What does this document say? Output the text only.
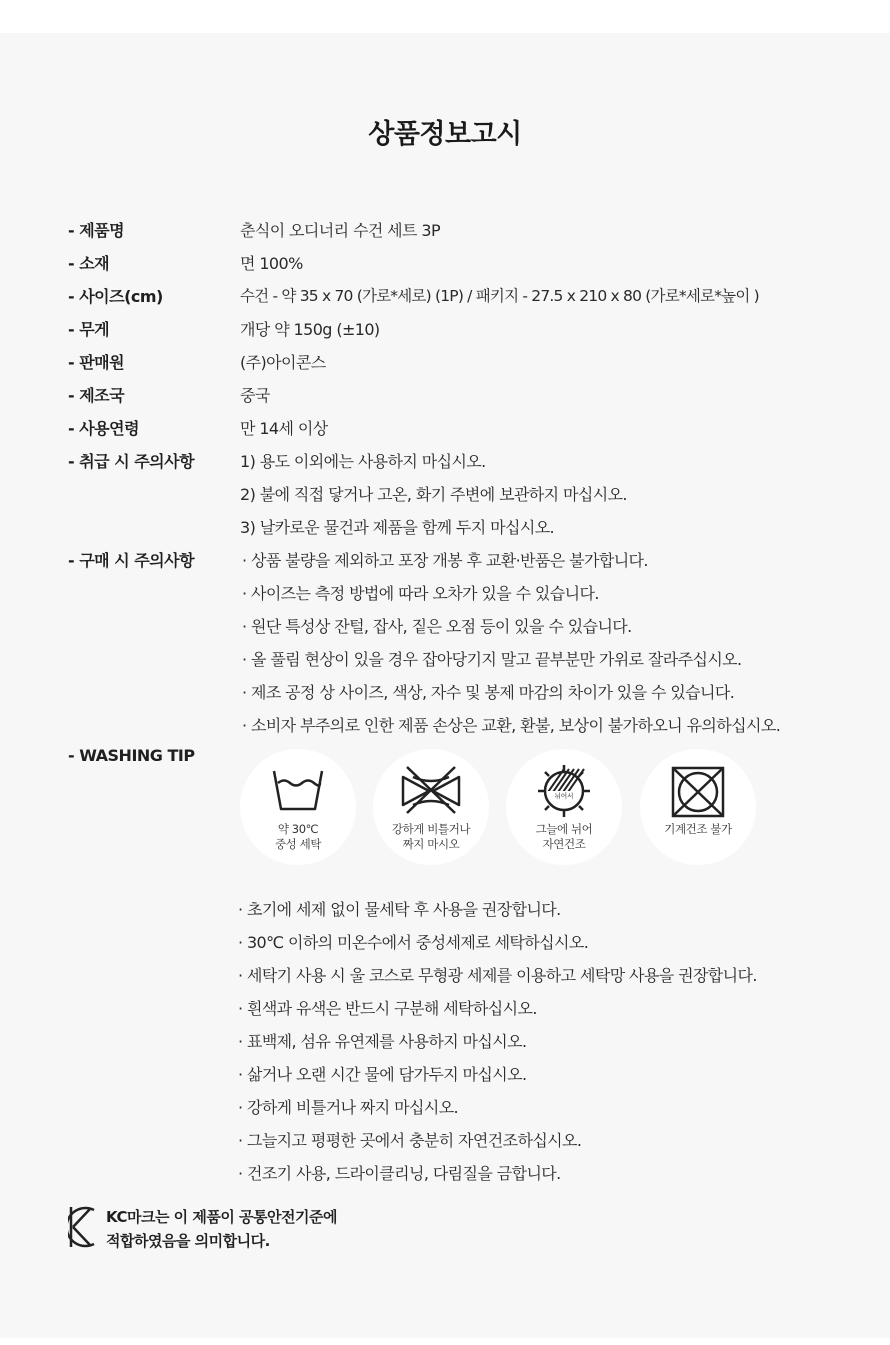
상품정보고시
- 제품명	춘식이 오디너리 수건 세트 3P
- 소재	면 100%
- 사이즈(cm)	수건 - 약 35 x 70 (가로*세로) (1P) / 패키지 - 27.5 x 210 x 80 (가로*세로*높이 )
- 무게	개당 약 150g (±10)
- 판매원	(주)아이콘스
- 제조국	중국
- 사용연령	만 14세 이상
- 취급 시 주의사항	1) 용도 이외에는 사용하지 마십시오.
2) 불에 직접 닿거나 고온, 화기 주변에 보관하지 마십시오.
3) 날카로운 물건과 제품을 함께 두지 마십시오.
- 구매 시 주의사항	· 상품 불량을 제외하고 포장 개봉 후 교환·반품은 불가합니다.
· 사이즈는 측정 방법에 따라 오차가 있을 수 있습니다.
· 원단 특성상 잔털, 잡사, 짙은 오점 등이 있을 수 있습니다.
· 올 풀림 현상이 있을 경우 잡아당기지 말고 끝부분만 가위로 잘라주십시오.
· 제조 공정 상 사이즈, 색상, 자수 및 봉제 마감의 차이가 있을 수 있습니다.
· 소비자 부주의로 인한 제품 손상은 교환, 환불, 보상이 불가하오니 유의하십시오.
- WASHING TIP
약 30℃
중성 세탁
강하게 비틀거나
짜지 마시오
뉘어서
그늘에 뉘어
자연건조
기계건조 불가
· 초기에 세제 없이 물세탁 후 사용을 권장합니다.
· 30℃ 이하의 미온수에서 중성세제로 세탁하십시오.
· 세탁기 사용 시 울 코스로 무형광 세제를 이용하고 세탁망 사용을 권장합니다.
· 흰색과 유색은 반드시 구분해 세탁하십시오.
· 표백제, 섬유 유연제를 사용하지 마십시오.
· 삶거나 오랜 시간 물에 담가두지 마십시오.
· 강하게 비틀거나 짜지 마십시오.
· 그늘지고 평평한 곳에서 충분히 자연건조하십시오.
· 건조기 사용, 드라이클리닝, 다림질을 금합니다.
KC마크는 이 제품이 공통안전기준에
적합하였음을 의미합니다.
